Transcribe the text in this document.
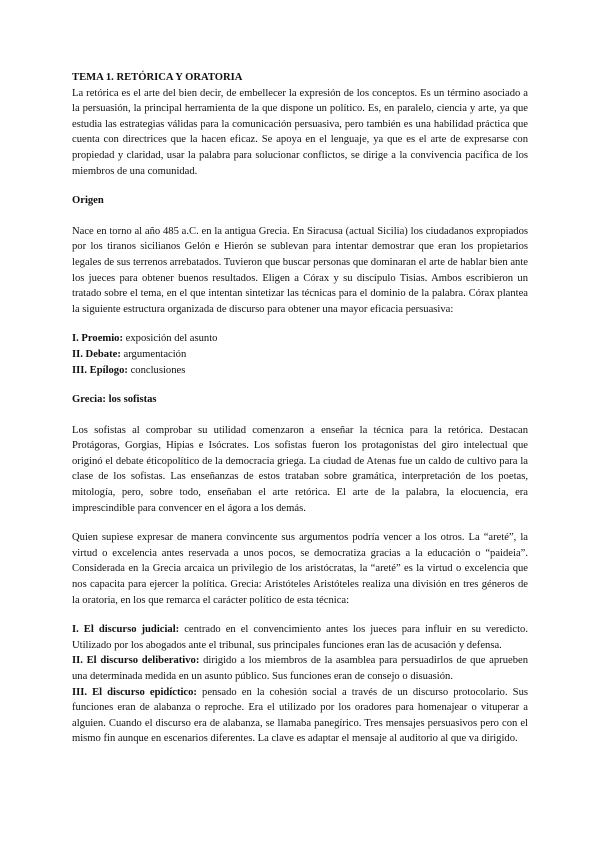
TEMA 1. RETÓRICA Y ORATORIA

La retórica es el arte del bien decir, de embellecer la expresión de los conceptos. Es un término asociado a la persuasión, la principal herramienta de la que dispone un político. Es, en paralelo, ciencia y arte, ya que estudia las estrategias válidas para la comunicación persuasiva, pero también es una habilidad práctica que cuenta con directrices que la hacen eficaz. Se apoya en el lenguaje, ya que es el arte de expresarse con propiedad y claridad, usar la palabra para solucionar conflictos, se dirige a la convivencia pacífica de los miembros de una comunidad.

Origen

Nace en torno al año 485 a.C. en la antigua Grecia. En Siracusa (actual Sicilia) los ciudadanos expropiados por los tiranos sicilianos Gelón e Hierón se sublevan para intentar demostrar que eran los propietarios legales de sus terrenos arrebatados. Tuvieron que buscar personas que dominaran el arte de hablar bien ante los jueces para obtener buenos resultados. Eligen a Córax y su discípulo Tisias. Ambos escribieron un tratado sobre el tema, en el que intentan sintetizar las técnicas para el dominio de la palabra. Córax plantea la siguiente estructura organizada de discurso para obtener una mayor eficacia persuasiva:

I. Proemio: exposición del asunto

II. Debate: argumentación

III. Epílogo: conclusiones

Grecia: los sofistas

Los sofistas al comprobar su utilidad comenzaron a enseñar la técnica para la retórica. Destacan Protágoras, Gorgias, Hipias e Isócrates. Los sofistas fueron los protagonistas del giro intelectual que originó el debate éticopolítico de la democracia griega. La ciudad de Atenas fue un caldo de cultivo para la clase de los sofistas. Las enseñanzas de estos trataban sobre gramática, interpretación de los poetas, mitología, pero, sobre todo, enseñaban el arte retórica. El arte de la palabra, la elocuencia, era imprescindible para convencer en el ágora a los demás.

Quien supiese expresar de manera convincente sus argumentos podría vencer a los otros. La “areté”, la virtud o excelencia antes reservada a unos pocos, se democratiza gracias a la educación o “paideia”. Considerada en la Grecia arcaica un privilegio de los aristócratas, la “areté” es la virtud o excelencia que nos capacita para ejercer la política. Grecia: Aristóteles Aristóteles realiza una división en tres géneros de la oratoria, en los que remarca el carácter político de esta técnica:

I. El discurso judicial: centrado en el convencimiento antes los jueces para influir en su veredicto. Utilizado por los abogados ante el tribunal, sus principales funciones eran las de acusación y defensa.

II. El discurso deliberativo: dirigido a los miembros de la asamblea para persuadirlos de que aprueben una determinada medida en un asunto público. Sus funciones eran de consejo o disuasión.

III. El discurso epidíctico: pensado en la cohesión social a través de un discurso protocolario. Sus funciones eran de alabanza o reproche. Era el utilizado por los oradores para homenajear o vituperar a alguien. Cuando el discurso era de alabanza, se llamaba panegírico. Tres mensajes persuasivos pero con el mismo fin aunque en escenarios diferentes. La clave es adaptar el mensaje al auditorio al que va dirigido.
